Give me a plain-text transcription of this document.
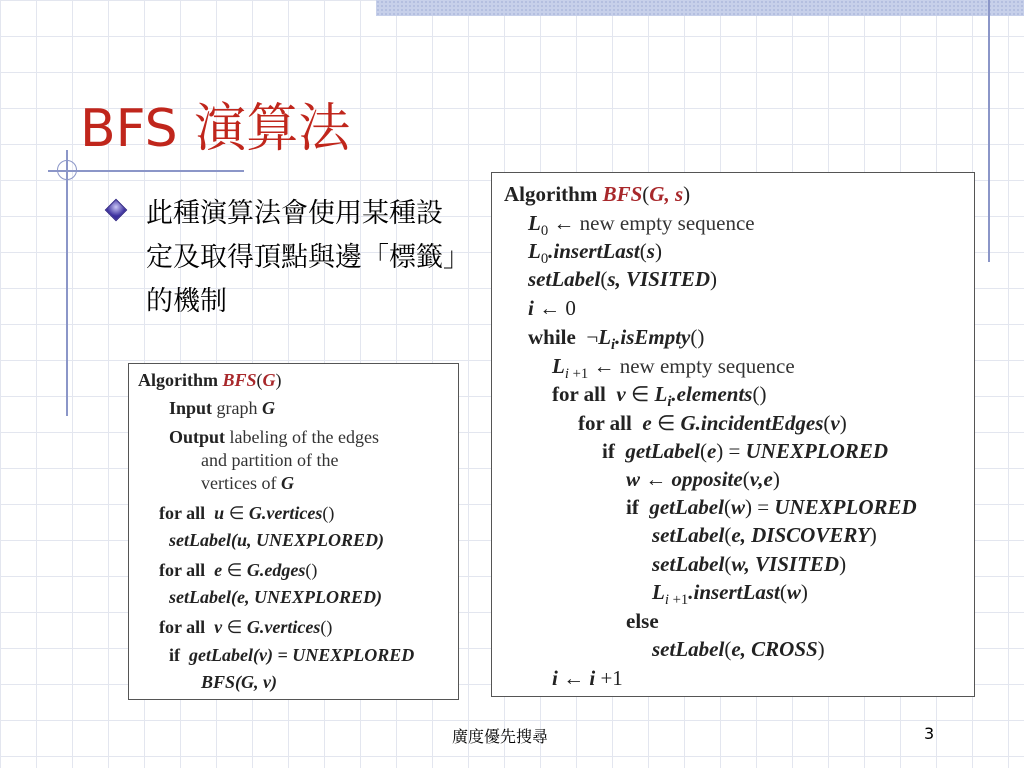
BFS 演算法

此種演算法會使用某種設定及取得頂點與邊「標籤」的機制

Algorithm BFS(G)
Input graph G
Output labeling of the edges
and partition of the
vertices of G
for all u ∈ G.vertices()
setLabel(u, UNEXPLORED)
for all e ∈ G.edges()
setLabel(e, UNEXPLORED)
for all v ∈ G.vertices()
if getLabel(v) = UNEXPLORED
BFS(G, v)
Algorithm BFS(G, s)
$L_0$ ← new empty sequence
$L_0.insertLast(s)$
setLabel(s, VISITED)
i ← 0
while  $\neg L_i.isEmpty()$
$L_{i +1}$ ← new empty sequence
for all v ∈ $L_i.elements()$
for all e ∈ G.incidentEdges(v)
if getLabel(e) = UNEXPLORED
w ← opposite(v,e)
if getLabel(w) = UNEXPLORED
setLabel(e, DISCOVERY)
setLabel(w, VISITED)
$L_{i +1}.insertLast(w)$
else
setLabel(e, CROSS)
i ← i +1
廣度優先搜尋	3
